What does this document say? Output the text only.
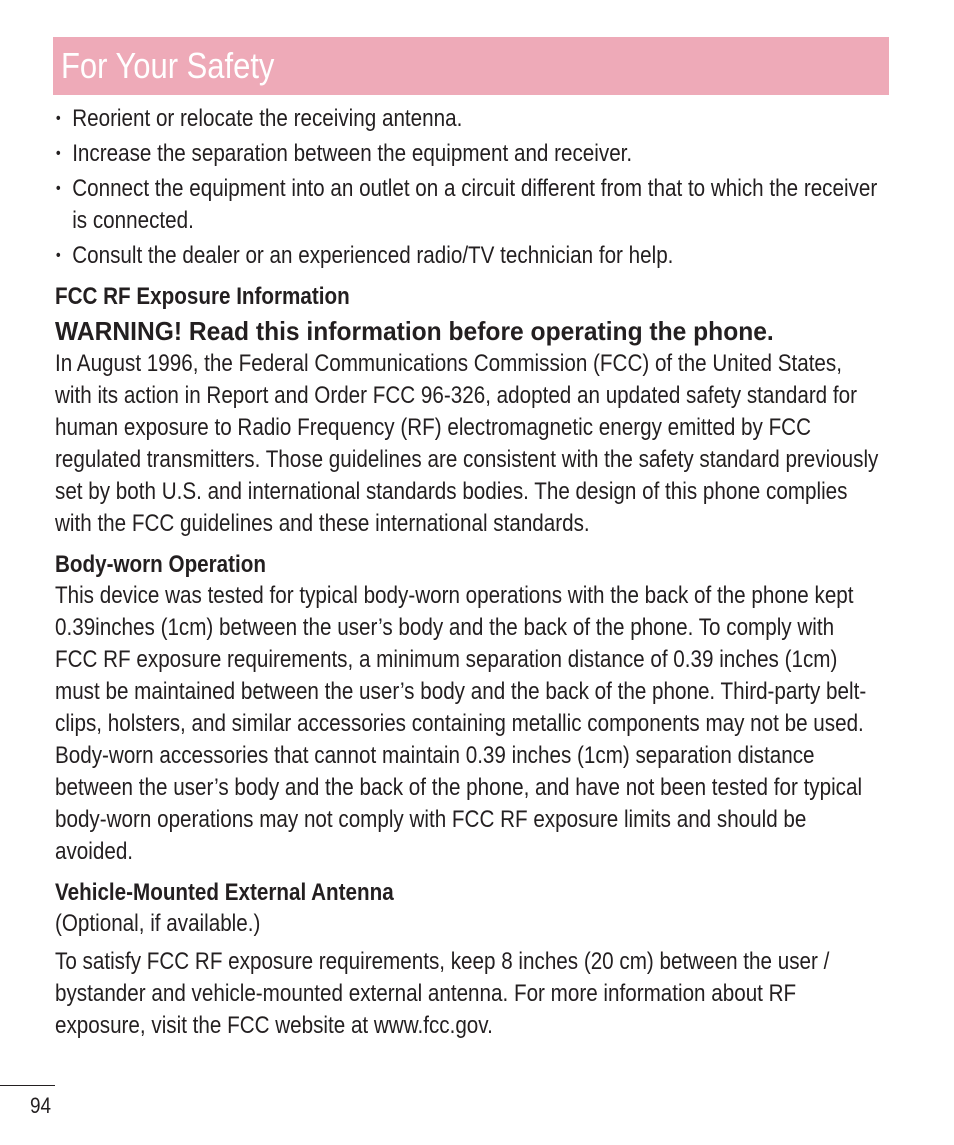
For Your Safety
• Reorient or relocate the receiving antenna.
• Increase the separation between the equipment and receiver.
• Connect the equipment into an outlet on a circuit different from that to which the receiver is connected.
• Consult the dealer or an experienced radio/TV technician for help.
FCC RF Exposure Information
WARNING! Read this information before operating the phone.

In August 1996, the Federal Communications Commission (FCC) of the United States, with its action in Report and Order FCC 96-326, adopted an updated safety standard for human exposure to Radio Frequency (RF) electromagnetic energy emitted by FCC regulated transmitters. Those guidelines are consistent with the safety standard previously set by both U.S. and international standards bodies. The design of this phone complies with the FCC guidelines and these international standards.

Body-worn Operation

This device was tested for typical body-worn operations with the back of the phone kept 0.39inches (1cm) between the user’s body and the back of the phone. To comply with FCC RF exposure requirements, a minimum separation distance of 0.39 inches (1cm) must be maintained between the user’s body and the back of the phone. Third-party belt-clips, holsters, and similar accessories containing metallic components may not be used. Body-worn accessories that cannot maintain 0.39 inches (1cm) separation distance between the user’s body and the back of the phone, and have not been tested for typical body-worn operations may not comply with FCC RF exposure limits and should be avoided.

Vehicle-Mounted External Antenna

(Optional, if available.)

To satisfy FCC RF exposure requirements, keep 8 inches (20 cm) between the user / bystander and vehicle-mounted external antenna. For more information about RF exposure, visit the FCC website at www.fcc.gov.

94
